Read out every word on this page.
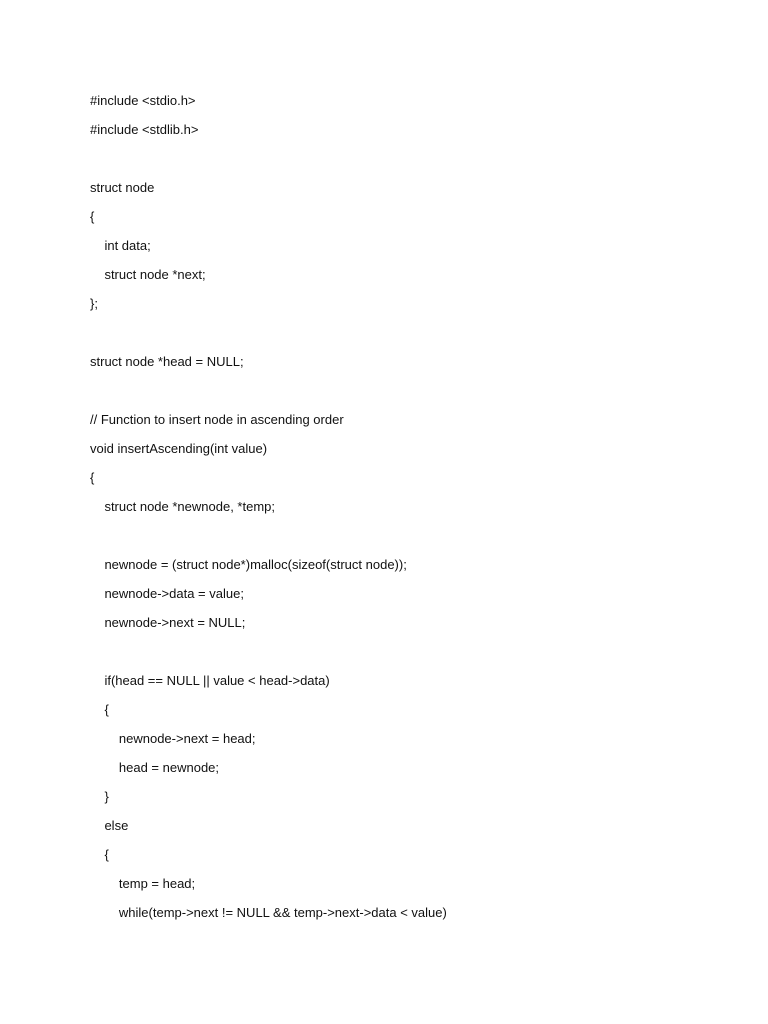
#include <stdio.h>
#include <stdlib.h>
struct node
{
int data;
struct node *next;
};
struct node *head = NULL;
// Function to insert node in ascending order
void insertAscending(int value)
{
struct node *newnode, *temp;
newnode = (struct node*)malloc(sizeof(struct node));
newnode->data = value;
newnode->next = NULL;
if(head == NULL || value < head->data)
{
newnode->next = head;
head = newnode;
}
else
{
temp = head;
while(temp->next != NULL && temp->next->data < value)
